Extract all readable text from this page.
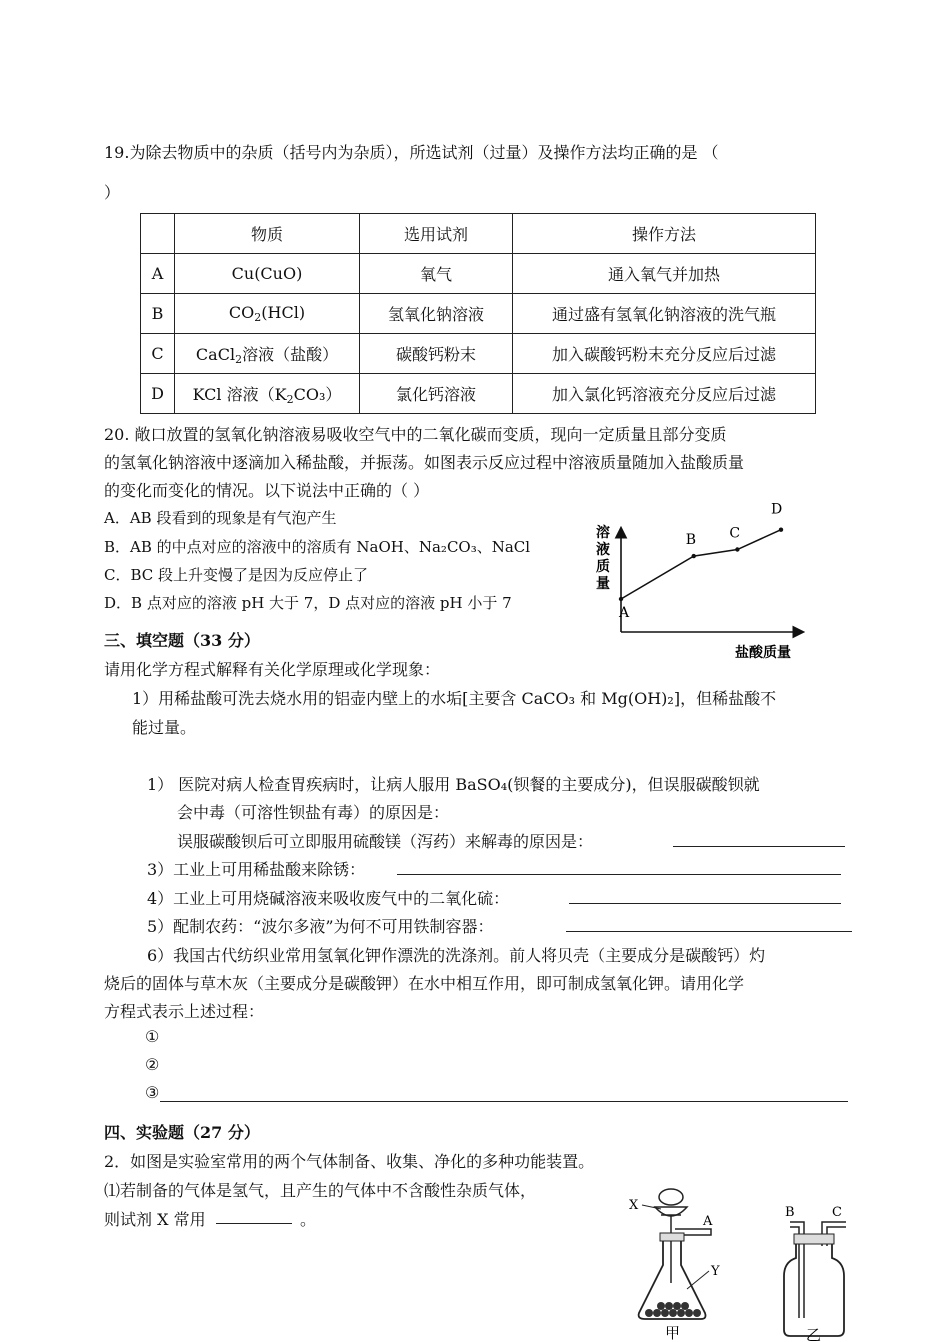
19.为除去物质中的杂质（括号内为杂质），所选试剂（过量）及操作方法均正确的是 （
）
	物质	选用试剂	操作方法
A	Cu(CuO)	氧气	通入氧气并加热
B	$CO_2(HCl)$	氢氧化钠溶液	通过盛有氢氧化钠溶液的洗气瓶
C	CaCl$_2$溶液（盐酸）	碳酸钙粉末	加入碳酸钙粉末充分反应后过滤
D	KCl 溶液$(K_2CO_3)$	氯化钙溶液	加入氯化钙溶液充分反应后过滤
20. 敞口放置的氢氧化钠溶液易吸收空气中的二氧化碳而变质，现向一定质量且部分变质
的氢氧化钠溶液中逐滴加入稀盐酸，并振荡。如图表示反应过程中溶液质量随加入盐酸质量
的变化而变化的情况。以下说法中正确的（ ）
A．AB 段看到的现象是有气泡产生
B．AB 的中点对应的溶液中的溶质有 NaOH、Na₂CO₃、NaCl
C．BC 段上升变慢了是因为反应停止了
D．B 点对应的溶液 pH 大于 7，D 点对应的溶液 pH 小于 7
溶
液
质
量
盐酸质量
A
B C
D
三、填空题（33 分）
请用化学方程式解释有关化学原理或化学现象：
1）用稀盐酸可洗去烧水用的铝壶内壁上的水垢[主要含 CaCO₃ 和 Mg(OH)₂]，但稀盐酸不
能过量。
1） 医院对病人检查胃疾病时，让病人服用 BaSO₄(钡餐的主要成分)，但误服碳酸钡就
会中毒（可溶性钡盐有毒）的原因是：
误服碳酸钡后可立即服用硫酸镁（泻药）来解毒的原因是：
3）工业上可用稀盐酸来除锈：
4）工业上可用烧碱溶液来吸收废气中的二氧化硫：
5）配制农药：“波尔多液”为何不可用铁制容器：
6）我国古代纺织业常用氢氧化钾作漂洗的洗涤剂。前人将贝壳（主要成分是碳酸钙）灼
烧后的固体与草木灰（主要成分是碳酸钾）在水中相互作用，即可制成氢氧化钾。请用化学
方程式表示上述过程：
①
②
③
四、实验题（27 分）
2．如图是实验室常用的两个气体制备、收集、净化的多种功能装置。
⑴若制备的气体是氢气，且产生的气体中不含酸性杂质气体，
则试剂 X 常用	。
X
A
Y
甲
B	C
乙
